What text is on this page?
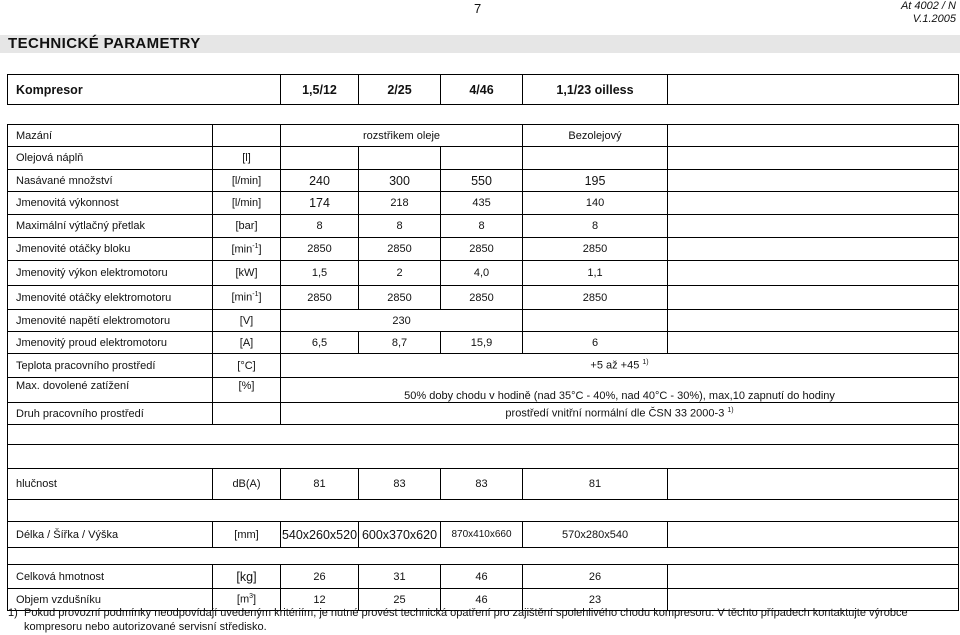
7	At 4002 / N
V.1.2005
TECHNICKÉ PARAMETRY
Kompresor	1,5/12	2/25	4/46	1,1/23 oilless	
Mazání		rozstřikem oleje			Bezolejový	
Olejová náplň	[l]					
Nasávané množství	[l/min]	240	300	550	195	
Jmenovitá výkonnost	[l/min]	174	218	435	140	
Maximální výtlačný přetlak	[bar]	8	8	8	8	
Jmenovité otáčky bloku	$[\min^{-1}]$	2850	2850	2850	2850	
Jmenovitý výkon elektromotoru	[kW]	1,5	2	4,0	1,1	
Jmenovité otáčky elektromotoru	$[\min^{-1}]$	2850	2850	2850	2850	
Jmenovité napětí elektromotoru	[V]	230				
Jmenovitý proud elektromotoru	[A]	6,5	8,7	15,9	6	
Teplota pracovního prostředí	[°C]	+5 až +45 $^{1)}$
Max. dovolené zatížení	[%]	50% doby chodu v hodině (nad 35°C - 40%, nad 40°C - 30%), max,10 zapnutí do hodiny				
Druh pracovního prostředí		prostředí vnitřní normální dle ČSN 33 2000-3 $^{1)}$

hlučnost	dB(A)	81	83	83	81	

Délka / Šířka / Výška	[mm]	540x260x520	600x370x620	870x410x660	570x280x540	

Celková hmotnost	[kg]	26	31	46	26	
Objem vzdušníku	$[m^3]$	12	25	46	23	
1) Pokud provozní podmínky neodpovídají uvedeným kritériím, je nutné provést technická opatření pro zajištění spolehlivého chodu kompresoru. V těchto případech kontaktujte výrobce kompresoru nebo autorizované servisní středisko.
